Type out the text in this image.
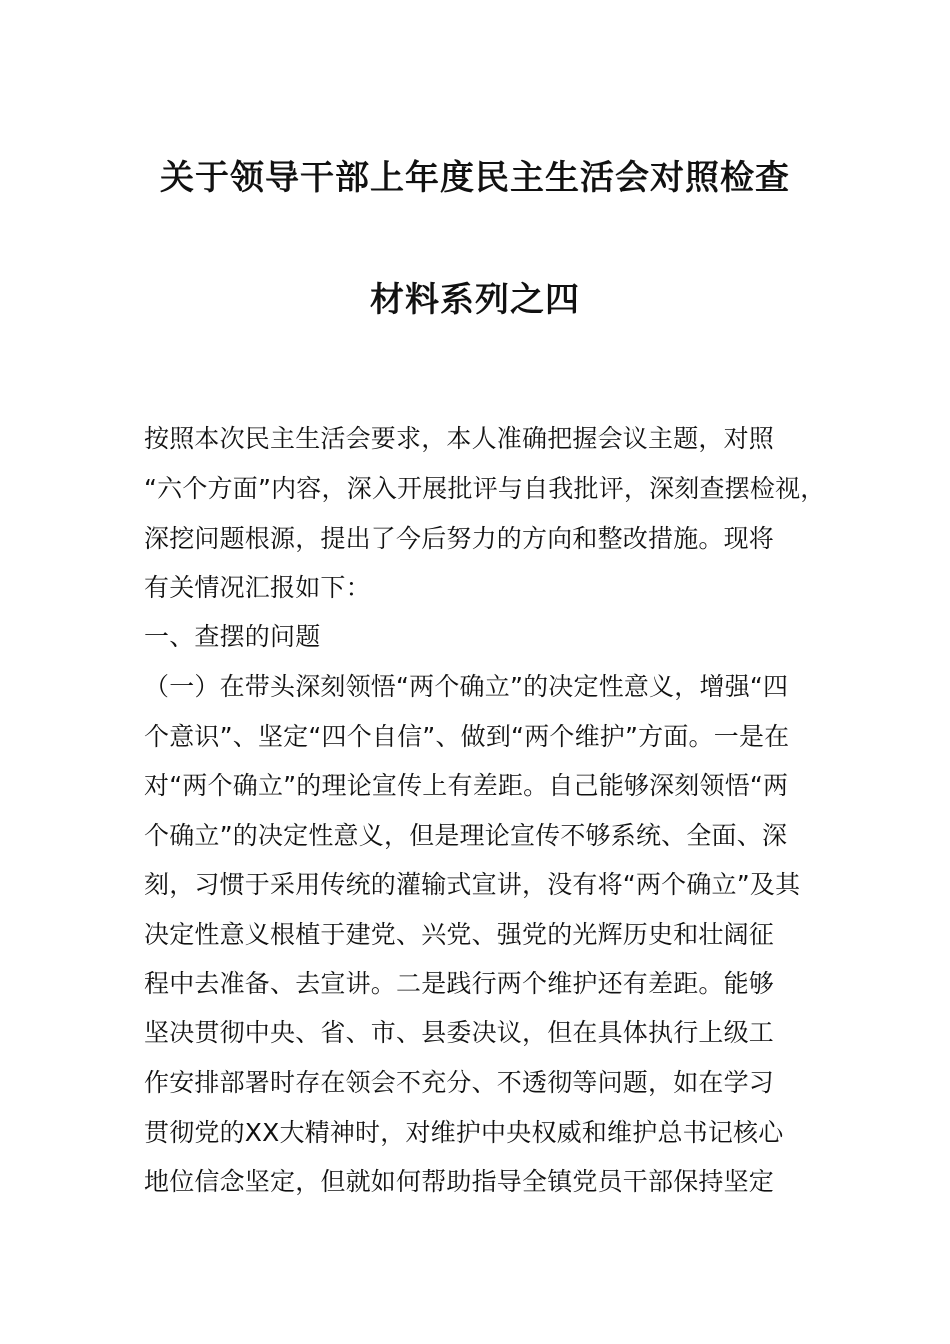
关于领导干部上年度民主生活会对照检查
材料系列之四
按照本次民主生活会要求，本人准确把握会议主题，对照
“六个方面”内容，深入开展批评与自我批评，深刻查摆检视，
深挖问题根源，提出了今后努力的方向和整改措施。现将
有关情况汇报如下：
一、查摆的问题
（一）在带头深刻领悟“两个确立”的决定性意义，增强“四
个意识”、坚定“四个自信”、做到“两个维护”方面。一是在
对“两个确立”的理论宣传上有差距。自己能够深刻领悟“两
个确立”的决定性意义，但是理论宣传不够系统、全面、深
刻，习惯于采用传统的灌输式宣讲，没有将“两个确立”及其
决定性意义根植于建党、兴党、强党的光辉历史和壮阔征
程中去准备、去宣讲。二是践行两个维护还有差距。能够
坚决贯彻中央、省、市、县委决议，但在具体执行上级工
作安排部署时存在领会不充分、不透彻等问题，如在学习
贯彻党的XX大精神时，对维护中央权威和维护总书记核心
地位信念坚定，但就如何帮助指导全镇党员干部保持坚定
